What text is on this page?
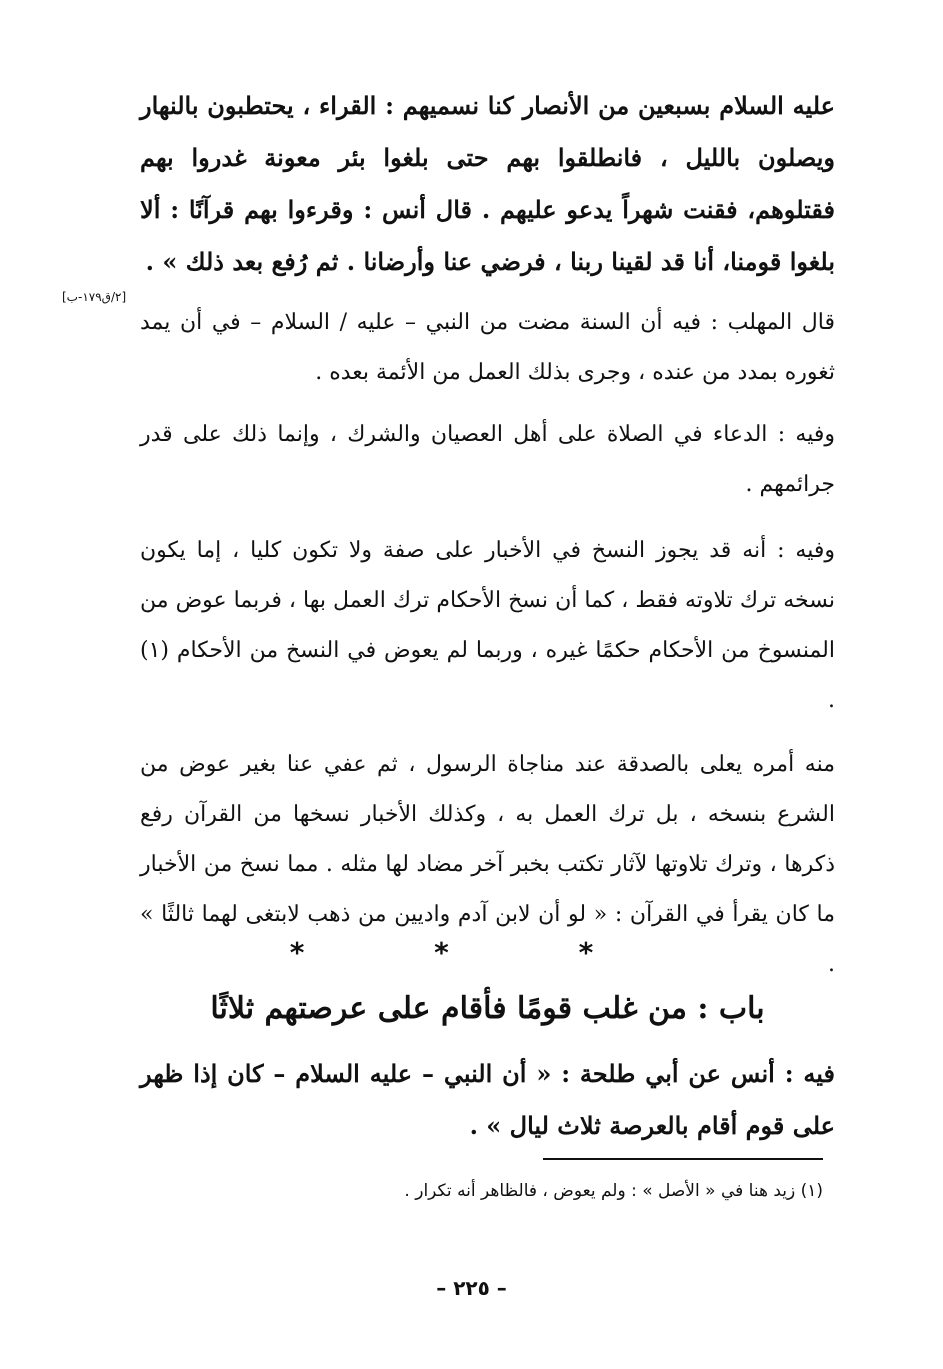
عليه السلام بسبعين من الأنصار كنا نسميهم : القراء ، يحتطبون بالنهار ويصلون بالليل ، فانطلقوا بهم حتى بلغوا بئر معونة غدروا بهم فقتلوهم، فقنت شهراً يدعو عليهم . قال أنس : وقرءوا بهم قرآنًا : ألا بلغوا قومنا، أنا قد لقينا ربنا ، فرضي عنا وأرضانا . ثم رُفع بعد ذلك » .

قال المهلب : فيه أن السنة مضت من النبي – عليه / السلام – في أن يمد ثغوره بمدد من عنده ، وجرى بذلك العمل من الأئمة بعده .

وفيه : الدعاء في الصلاة على أهل العصيان والشرك ، وإنما ذلك على قدر جرائمهم .

وفيه : أنه قد يجوز النسخ في الأخبار على صفة ولا تكون كليا ، إما يكون نسخه ترك تلاوته فقط ، كما أن نسخ الأحكام ترك العمل بها ، فربما عوض من المنسوخ من الأحكام حكمًا غيره ، وربما لم يعوض في النسخ من الأحكام (١) .

منه أمره يعلى بالصدقة عند مناجاة الرسول ، ثم عفي عنا بغير عوض من الشرع بنسخه ، بل ترك العمل به ، وكذلك الأخبار نسخها من القرآن رفع ذكرها ، وترك تلاوتها لآثار تكتب بخبر آخر مضاد لها مثله . مما نسخ من الأخبار ما كان يقرأ في القرآن : « لو أن لابن آدم واديين من ذهب لابتغى لهما ثالثًا » .

[٢/ق١٧٩-ب]
* * *
باب : من غلب قومًا فأقام على عرصتهم ثلاثًا

فيه : أنس عن أبي طلحة : « أن النبي – عليه السلام – كان إذا ظهر على قوم أقام بالعرصة ثلاث ليال » .

(١) زيد هنا في « الأصل » : ولم يعوض ، فالظاهر أنه تكرار .
– ٢٢٥ –
